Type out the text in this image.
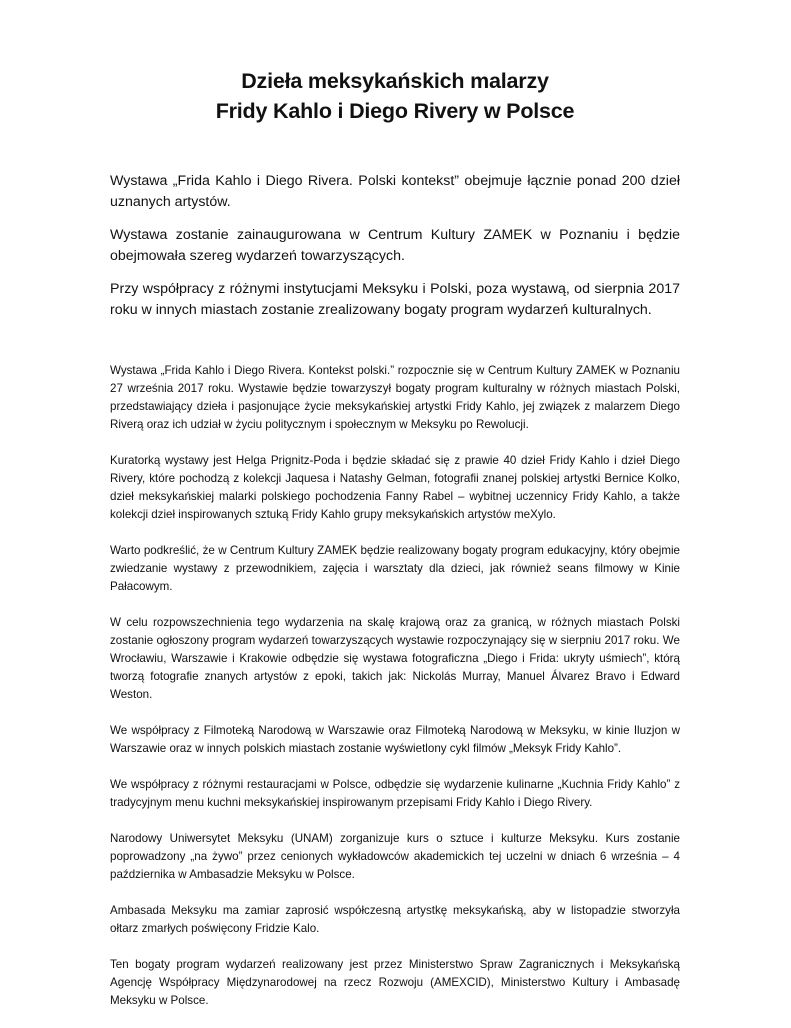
Dzieła meksykańskich malarzy
Fridy Kahlo i Diego Rivery w Polsce

Wystawa „Frida Kahlo i Diego Rivera. Polski kontekst” obejmuje łącznie ponad 200 dzieł uznanych artystów.

Wystawa zostanie zainaugurowana w Centrum Kultury ZAMEK w Poznaniu i będzie obejmowała szereg wydarzeń towarzyszących.

Przy współpracy z różnymi instytucjami Meksyku i Polski, poza wystawą, od sierpnia 2017 roku w innych miastach zostanie zrealizowany bogaty program wydarzeń kulturalnych.

Wystawa „Frida Kahlo i Diego Rivera. Kontekst polski.” rozpocznie się w Centrum Kultury ZAMEK w Poznaniu 27 września 2017 roku. Wystawie będzie towarzyszył bogaty program kulturalny w różnych miastach Polski, przedstawiający dzieła i pasjonujące życie meksykańskiej artystki Fridy Kahlo, jej związek z malarzem Diego Riverą oraz ich udział w życiu politycznym i społecznym w Meksyku po Rewolucji.

Kuratorką wystawy jest Helga Prignitz-Poda i będzie składać się z prawie 40 dzieł Fridy Kahlo i dzieł Diego Rivery, które pochodzą z kolekcji Jaquesa i Natashy Gelman, fotografii znanej polskiej artystki Bernice Kolko, dzieł meksykańskiej malarki polskiego pochodzenia Fanny Rabel – wybitnej uczennicy Fridy Kahlo, a także kolekcji dzieł inspirowanych sztuką Fridy Kahlo grupy meksykańskich artystów meXylo.

Warto podkreślić, że w Centrum Kultury ZAMEK będzie realizowany bogaty program edukacyjny, który obejmie zwiedzanie wystawy z przewodnikiem, zajęcia i warsztaty dla dzieci, jak również seans filmowy w Kinie Pałacowym.

W celu rozpowszechnienia tego wydarzenia na skalę krajową oraz za granicą, w różnych miastach Polski zostanie ogłoszony program wydarzeń towarzyszących wystawie rozpoczynający się w sierpniu 2017 roku. We Wrocławiu, Warszawie i Krakowie odbędzie się wystawa fotograficzna „Diego i Frida: ukryty uśmiech”, którą tworzą fotografie znanych artystów z epoki, takich jak: Nickolás Murray, Manuel Álvarez Bravo i Edward Weston.

We współpracy z Filmoteką Narodową w Warszawie oraz Filmoteką Narodową w Meksyku, w kinie Iluzjon w Warszawie oraz w innych polskich miastach zostanie wyświetlony cykl filmów „Meksyk Fridy Kahlo”.

We współpracy z różnymi restauracjami w Polsce, odbędzie się wydarzenie kulinarne „Kuchnia Fridy Kahlo” z tradycyjnym menu kuchni meksykańskiej inspirowanym przepisami Fridy Kahlo i Diego Rivery.

Narodowy Uniwersytet Meksyku (UNAM) zorganizuje kurs o sztuce i kulturze Meksyku. Kurs zostanie poprowadzony „na żywo” przez cenionych wykładowców akademickich tej uczelni w dniach 6 września – 4 października w Ambasadzie Meksyku w Polsce.

Ambasada Meksyku ma zamiar zaprosić współczesną artystkę meksykańską, aby w listopadzie stworzyła ołtarz zmarłych poświęcony Fridzie Kalo.

Ten bogaty program wydarzeń realizowany jest przez Ministerstwo Spraw Zagranicznych i Meksykańską Agencję Współpracy Międzynarodowej na rzecz Rozwoju (AMEXCID), Ministerstwo Kultury i Ambasadę Meksyku w Polsce.
